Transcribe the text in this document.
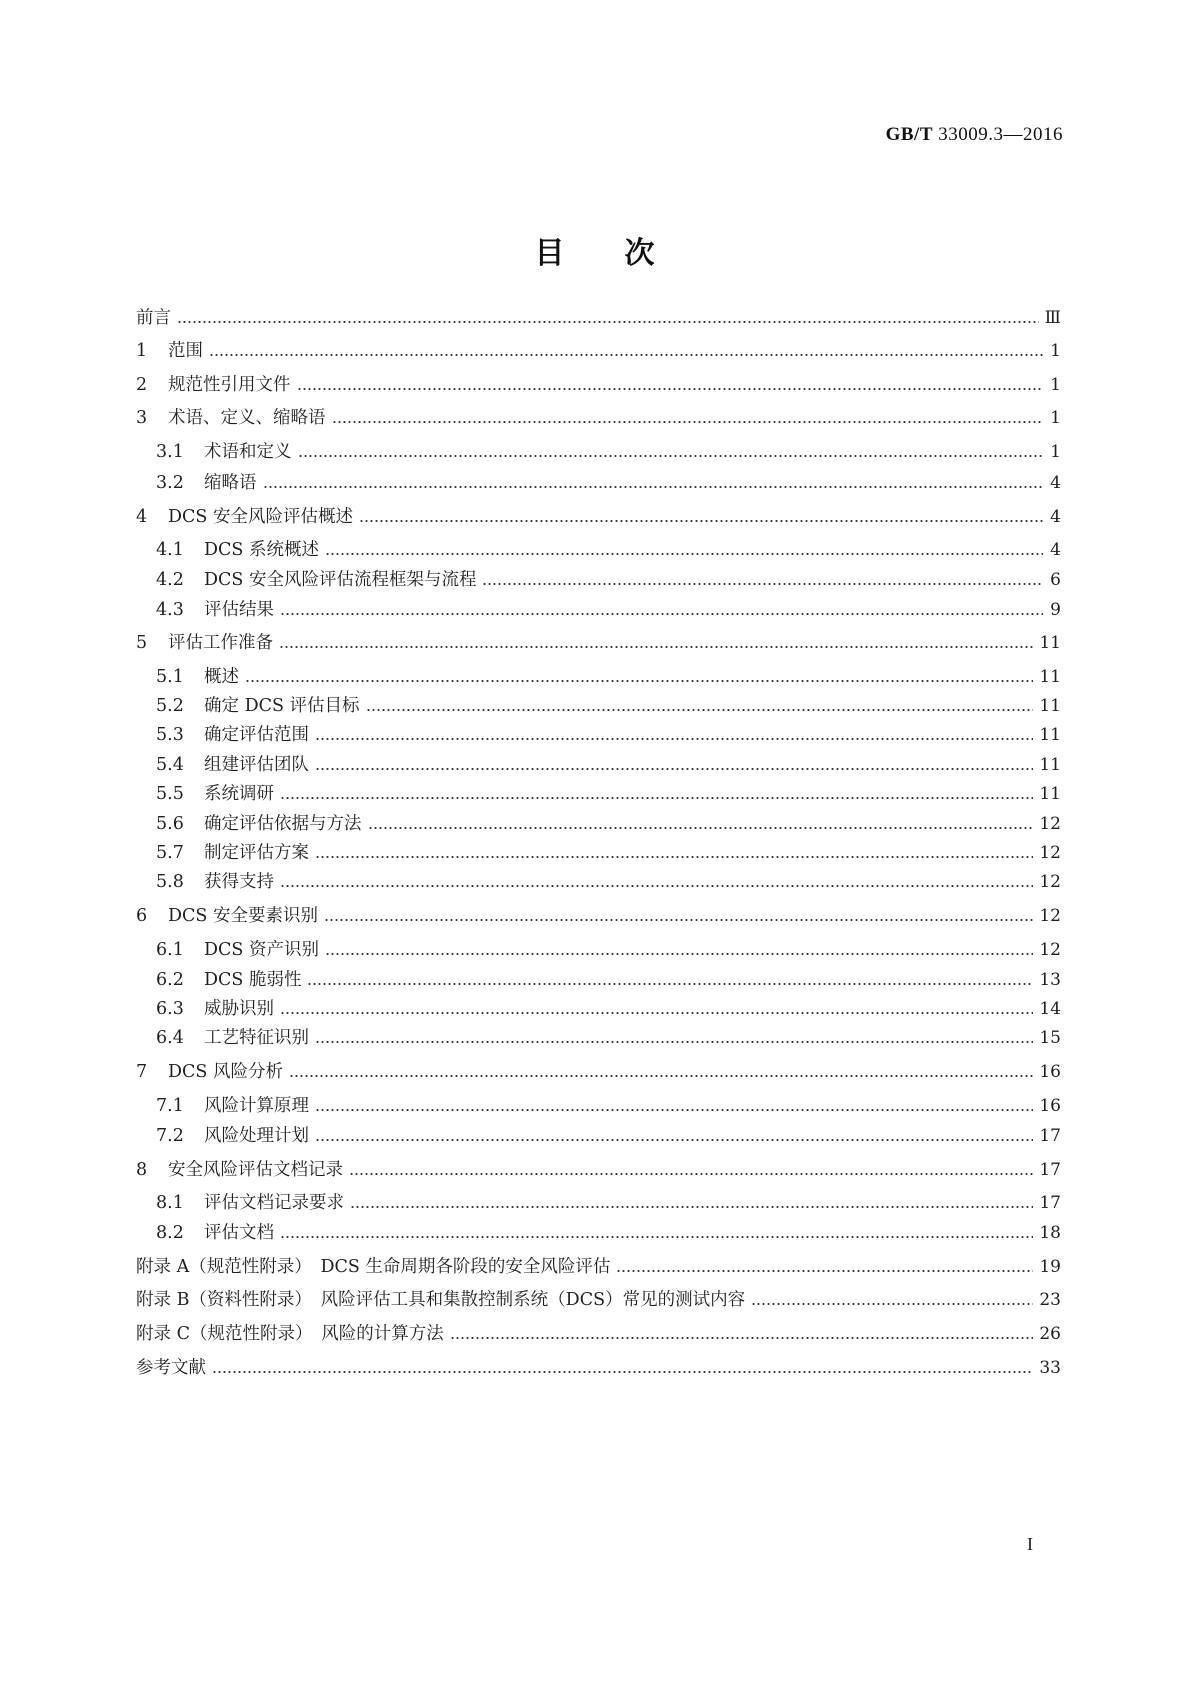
GB/T 33009.3—2016
目 次
前言	Ⅲ
1 范围	1
2 规范性引用文件	1
3 术语、定义、缩略语	1
3.1 术语和定义	1
3.2 缩略语	4
4 DCS 安全风险评估概述	4
4.1 DCS 系统概述	4
4.2 DCS 安全风险评估流程框架与流程	6
4.3 评估结果	9
5 评估工作准备	11
5.1 概述	11
5.2 确定 DCS 评估目标	11
5.3 确定评估范围	11
5.4 组建评估团队	11
5.5 系统调研	11
5.6 确定评估依据与方法	12
5.7 制定评估方案	12
5.8 获得支持	12
6 DCS 安全要素识别	12
6.1 DCS 资产识别	12
6.2 DCS 脆弱性	13
6.3 威胁识别	14
6.4 工艺特征识别	15
7 DCS 风险分析	16
7.1 风险计算原理	16
7.2 风险处理计划	17
8 安全风险评估文档记录	17
8.1 评估文档记录要求	17
8.2 评估文档	18
附录 A（规范性附录）　DCS 生命周期各阶段的安全风险评估	19
附录 B（资料性附录）　风险评估工具和集散控制系统（DCS）常见的测试内容	23
附录 C（规范性附录）　风险的计算方法	26
参考文献	33
I
